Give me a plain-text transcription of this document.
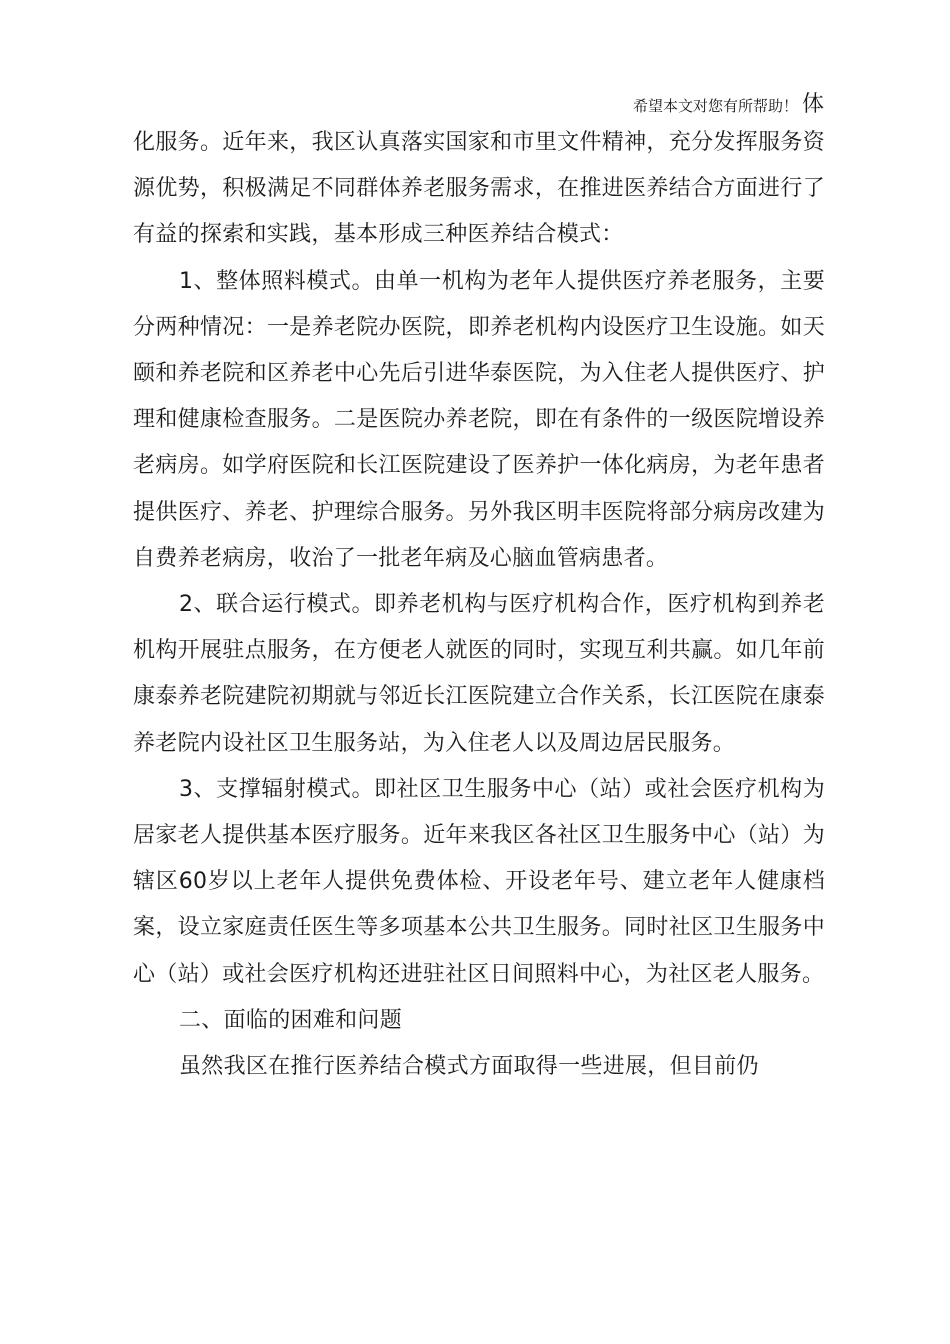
希望本文对您有所帮助！ 体

化服务。近年来，我区认真落实国家和市里文件精神，充分发挥服务资源优势，积极满足不同群体养老服务需求，在推进医养结合方面进行了有益的探索和实践，基本形成三种医养结合模式：

1、整体照料模式。由单一机构为老年人提供医疗养老服务，主要分两种情况：一是养老院办医院，即养老机构内设医疗卫生设施。如天颐和养老院和区养老中心先后引进华泰医院，为入住老人提供医疗、护理和健康检查服务。二是医院办养老院，即在有条件的一级医院增设养老病房。如学府医院和长江医院建设了医养护一体化病房，为老年患者提供医疗、养老、护理综合服务。另外我区明丰医院将部分病房改建为自费养老病房，收治了一批老年病及心脑血管病患者。

2、联合运行模式。即养老机构与医疗机构合作，医疗机构到养老机构开展驻点服务，在方便老人就医的同时，实现互利共赢。如几年前康泰养老院建院初期就与邻近长江医院建立合作关系，长江医院在康泰养老院内设社区卫生服务站，为入住老人以及周边居民服务。

3、支撑辐射模式。即社区卫生服务中心（站）或社会医疗机构为居家老人提供基本医疗服务。近年来我区各社区卫生服务中心（站）为辖区60岁以上老年人提供免费体检、开设老年号、建立老年人健康档案，设立家庭责任医生等多项基本公共卫生服务。同时社区卫生服务中心（站）或社会医疗机构还进驻社区日间照料中心，为社区老人服务。

二、面临的困难和问题

虽然我区在推行医养结合模式方面取得一些进展，但目前仍
